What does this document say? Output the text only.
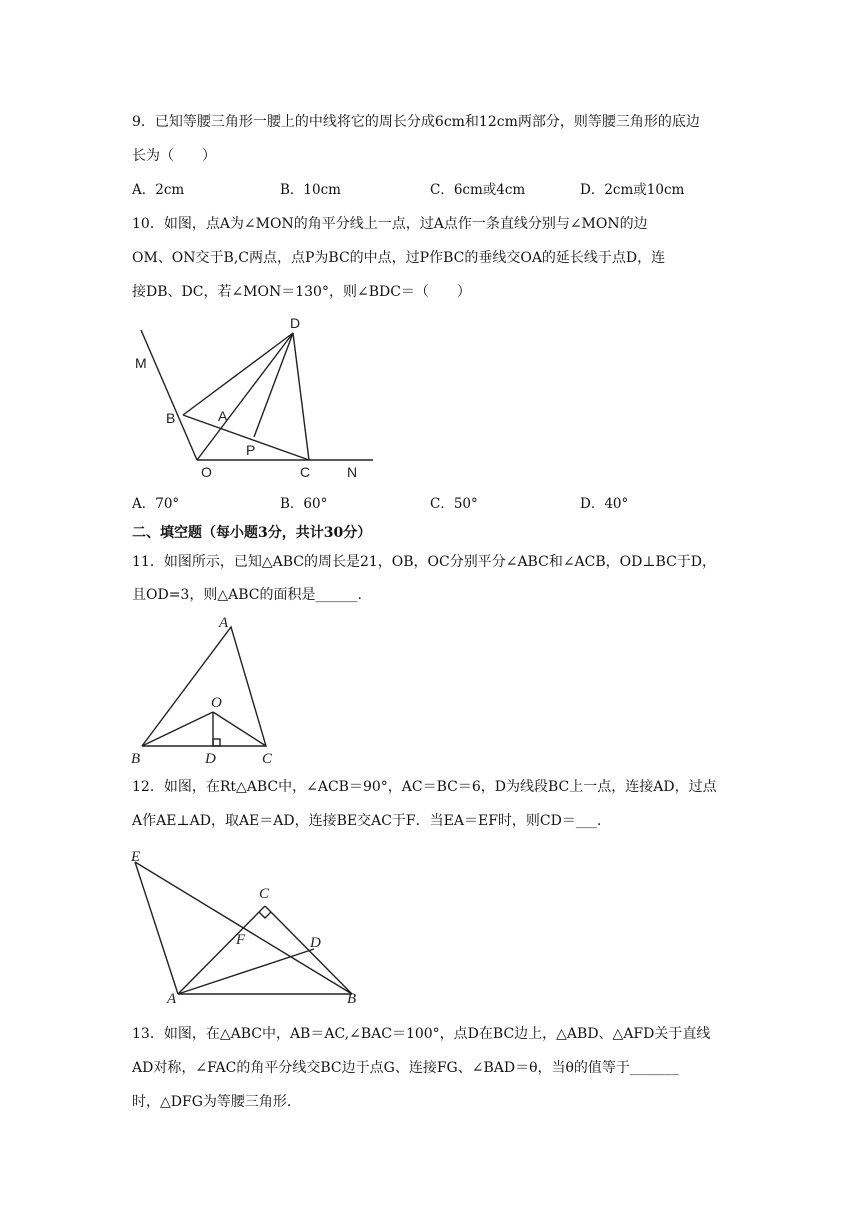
9．已知等腰三角形一腰上的中线将它的周长分成6cm和12cm两部分，则等腰三角形的底边
长为（　　）
A．2cm	B．10cm	C．6cm或4cm	D．2cm或10cm
10．如图，点A为∠MON的角平分线上一点，过A点作一条直线分别与∠MON的边
OM、ON交于B,C两点，点P为BC的中点，过P作BC的垂线交OA的延长线于点D，连
接DB、DC，若∠MON＝130°，则∠BDC＝（　　）
M
D
B	A
P
O	C	N
A．70°	B．60°	C．50°	D．40°
二、填空题（每小题3分，共计30分）
11．如图所示，已知△ABC的周长是21，OB，OC分别平分∠ABC和∠ACB，OD⊥BC于D，
且OD=3，则△ABC的面积是______.
A
O
B	D	C
12．如图，在Rt△ABC中，∠ACB＝90°，AC＝BC＝6，D为线段BC上一点，连接AD，过点
A作AE⊥AD，取AE＝AD，连接BE交AC于F．当EA＝EF时，则CD＝___.
E
C
F	D
A	B
13．如图，在△ABC中，AB＝AC,∠BAC＝100°，点D在BC边上，△ABD、△AFD关于直线
AD对称，∠FAC的角平分线交BC边于点G、连接FG、∠BAD＝θ，当θ的值等于_______
时，△DFG为等腰三角形.
